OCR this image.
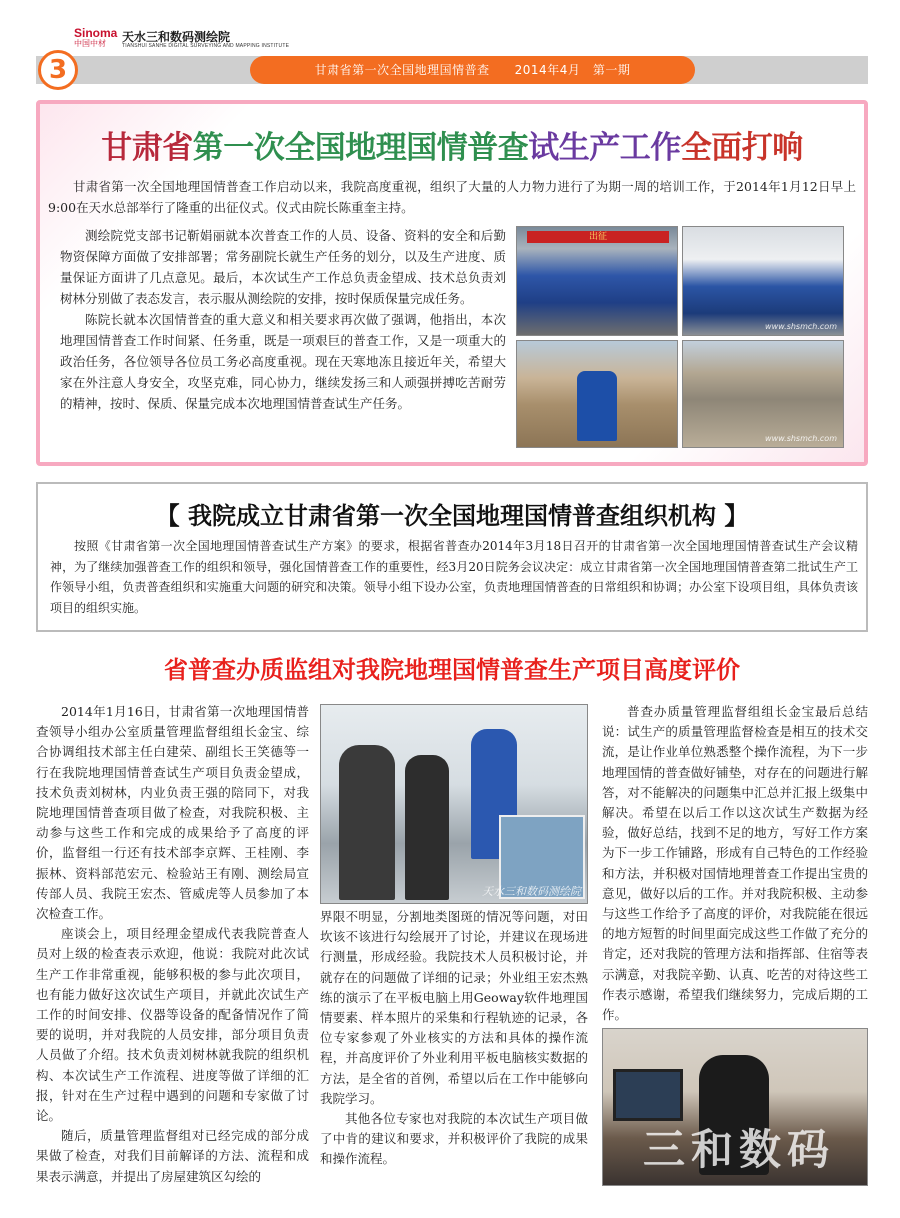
Sinoma
中国中材	天水三和数码测绘院
TIANSHUI SANHE DIGITAL SURVEYING AND MAPPING INSTITUTE
甘肃省第一次全国地理国情普查　　2014年4月　第一期
3
甘肃省第一次全国地理国情普查试生产工作全面打响

甘肃省第一次全国地理国情普查工作启动以来，我院高度重视，组织了大量的人力物力进行了为期一周的培训工作，于2014年1月12日早上9:00在天水总部举行了隆重的出征仪式。仪式由院长陈重奎主持。

测绘院党支部书记靳娟丽就本次普查工作的人员、设备、资料的安全和后勤物资保障方面做了安排部署；常务副院长就生产任务的划分，以及生产进度、质量保证方面讲了几点意见。最后，本次试生产工作总负责金望成、技术总负责刘树林分别做了表态发言，表示服从测绘院的安排，按时保质保量完成任务。

陈院长就本次国情普查的重大意义和相关要求再次做了强调，他指出，本次地理国情普查工作时间紧、任务重，既是一项艰巨的普查工作，又是一项重大的政治任务，各位领导各位员工务必高度重视。现在天寒地冻且接近年关，希望大家在外注意人身安全，攻坚克难，同心协力，继续发扬三和人顽强拼搏吃苦耐劳的精神，按时、保质、保量完成本次地理国情普查试生产任务。

出征
www.shsmch.com
www.shsmch.com
【 我院成立甘肃省第一次全国地理国情普查组织机构 】

按照《甘肃省第一次全国地理国情普查试生产方案》的要求，根据省普查办2014年3月18日召开的甘肃省第一次全国地理国情普查试生产会议精神，为了继续加强普查工作的组织和领导，强化国情普查工作的重要性，经3月20日院务会议决定：成立甘肃省第一次全国地理国情普查第二批试生产工作领导小组，负责普查组织和实施重大问题的研究和决策。领导小组下设办公室，负责地理国情普查的日常组织和协调；办公室下设项目组，具体负责该项目的组织实施。

省普查办质监组对我院地理国情普查生产项目高度评价

2014年1月16日，甘肃省第一次地理国情普查领导小组办公室质量管理监督组组长金宝、综合协调组技术部主任白建荣、副组长王笑德等一行在我院地理国情普查试生产项目负责金望成，技术负责刘树林，内业负责王强的陪同下，对我院地理国情普查项目做了检查，对我院积极、主动参与这些工作和完成的成果给予了高度的评价，监督组一行还有技术部李京辉、王桂刚、李振林、资料部范宏元、检验站王有刚、测绘局宣传部人员、我院王宏杰、管威虎等人员参加了本次检查工作。

座谈会上，项目经理金望成代表我院普查人员对上级的检查表示欢迎，他说：我院对此次试生产工作非常重视，能够积极的参与此次项目，也有能力做好这次试生产项目，并就此次试生产工作的时间安排、仪器等设备的配备情况作了简要的说明，并对我院的人员安排，部分项目负责人员做了介绍。技术负责刘树林就我院的组织机构、本次试生产工作流程、进度等做了详细的汇报，针对在生产过程中遇到的问题和专家做了讨论。

随后，质量管理监督组对已经完成的部分成果做了检查，对我们目前解译的方法、流程和成果表示满意，并提出了房屋建筑区勾绘的

天水三和数码测绘院

界限不明显，分割地类图斑的情况等问题，对田坎该不该进行勾绘展开了讨论，并建议在现场进行测量，形成经验。我院技术人员积极讨论，并就存在的问题做了详细的记录；外业组王宏杰熟练的演示了在平板电脑上用Geoway软件地理国情要素、样本照片的采集和行程轨迹的记录，各位专家参观了外业核实的方法和具体的操作流程，并高度评价了外业利用平板电脑核实数据的方法，是全省的首例，希望以后在工作中能够向我院学习。

其他各位专家也对我院的本次试生产项目做了中肯的建议和要求，并积极评价了我院的成果和操作流程。

普查办质量管理监督组组长金宝最后总结说：试生产的质量管理监督检查是相互的技术交流，是让作业单位熟悉整个操作流程，为下一步地理国情的普查做好铺垫，对存在的问题进行解答，对不能解决的问题集中汇总并汇报上级集中解决。希望在以后工作以这次试生产数据为经验，做好总结，找到不足的地方，写好工作方案为下一步工作铺路，形成有自己特色的工作经验和方法，并积极对国情地理普查工作提出宝贵的意见，做好以后的工作。并对我院积极、主动参与这些工作给予了高度的评价，对我院能在很远的地方短暂的时间里面完成这些工作做了充分的肯定，还对我院的管理方法和指挥部、住宿等表示满意，对我院辛勤、认真、吃苦的对待这些工作表示感谢，希望我们继续努力，完成后期的工作。

三和数码
